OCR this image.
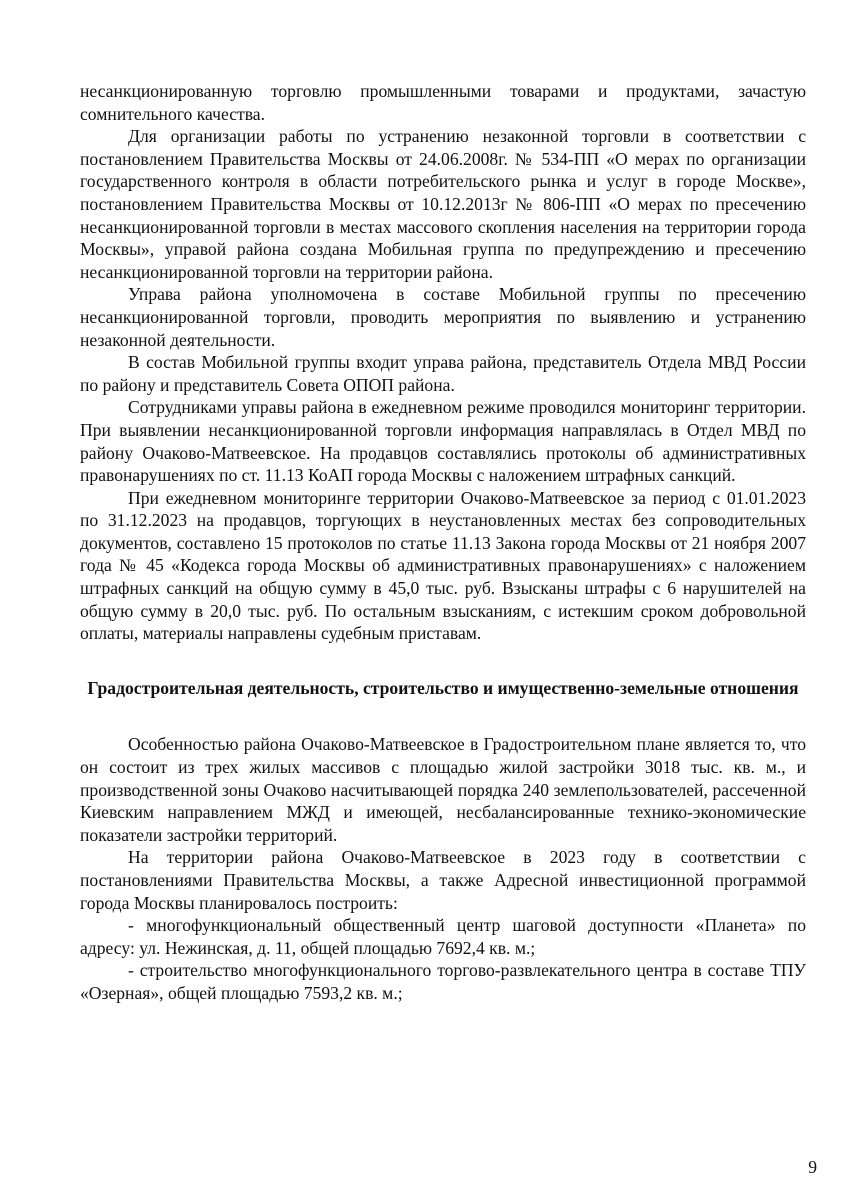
несанкционированную торговлю промышленными товарами и продуктами, зачастую сомнительного качества.

Для организации работы по устранению незаконной торговли в соответствии с постановлением Правительства Москвы от 24.06.2008г. № 534-ПП «О мерах по организации государственного контроля в области потребительского рынка и услуг в городе Москве», постановлением Правительства Москвы от 10.12.2013г № 806-ПП «О мерах по пресечению несанкционированной торговли в местах массового скопления населения на территории города Москвы», управой района создана Мобильная группа по предупреждению и пресечению несанкционированной торговли на территории района.

Управа района уполномочена в составе Мобильной группы по пресечению несанкционированной торговли, проводить мероприятия по выявлению и устранению незаконной деятельности.

В состав Мобильной группы входит управа района, представитель Отдела МВД России по району и представитель Совета ОПОП района.

Сотрудниками управы района в ежедневном режиме проводился мониторинг территории. При выявлении несанкционированной торговли информация направлялась в Отдел МВД по району Очаково-Матвеевское. На продавцов составлялись протоколы об административных правонарушениях по ст. 11.13 КоАП города Москвы с наложением штрафных санкций.

При ежедневном мониторинге территории Очаково-Матвеевское за период с 01.01.2023 по 31.12.2023 на продавцов, торгующих в неустановленных местах без сопроводительных документов, составлено 15 протоколов по статье 11.13 Закона города Москвы от 21 ноября 2007 года № 45 «Кодекса города Москвы об административных правонарушениях» с наложением штрафных санкций на общую сумму в 45,0 тыс. руб. Взысканы штрафы с 6 нарушителей на общую сумму в 20,0 тыс. руб. По остальным взысканиям, с истекшим сроком добровольной оплаты, материалы направлены судебным приставам.

Градостроительная деятельность, строительство и имущественно-земельные отношения

Особенностью района Очаково-Матвеевское в Градостроительном плане является то, что он состоит из трех жилых массивов с площадью жилой застройки 3018 тыс. кв. м., и производственной зоны Очаково насчитывающей порядка 240 землепользователей, рассеченной Киевским направлением МЖД и имеющей, несбалансированные технико-экономические показатели застройки территорий.

На территории района Очаково-Матвеевское в 2023 году в соответствии с постановлениями Правительства Москвы, а также Адресной инвестиционной программой города Москвы планировалось построить:

- многофункциональный общественный центр шаговой доступности «Планета» по адресу: ул. Нежинская, д. 11, общей площадью 7692,4 кв. м.;

- строительство многофункционального торгово-развлекательного центра в составе ТПУ «Озерная», общей площадью 7593,2 кв. м.;

9
